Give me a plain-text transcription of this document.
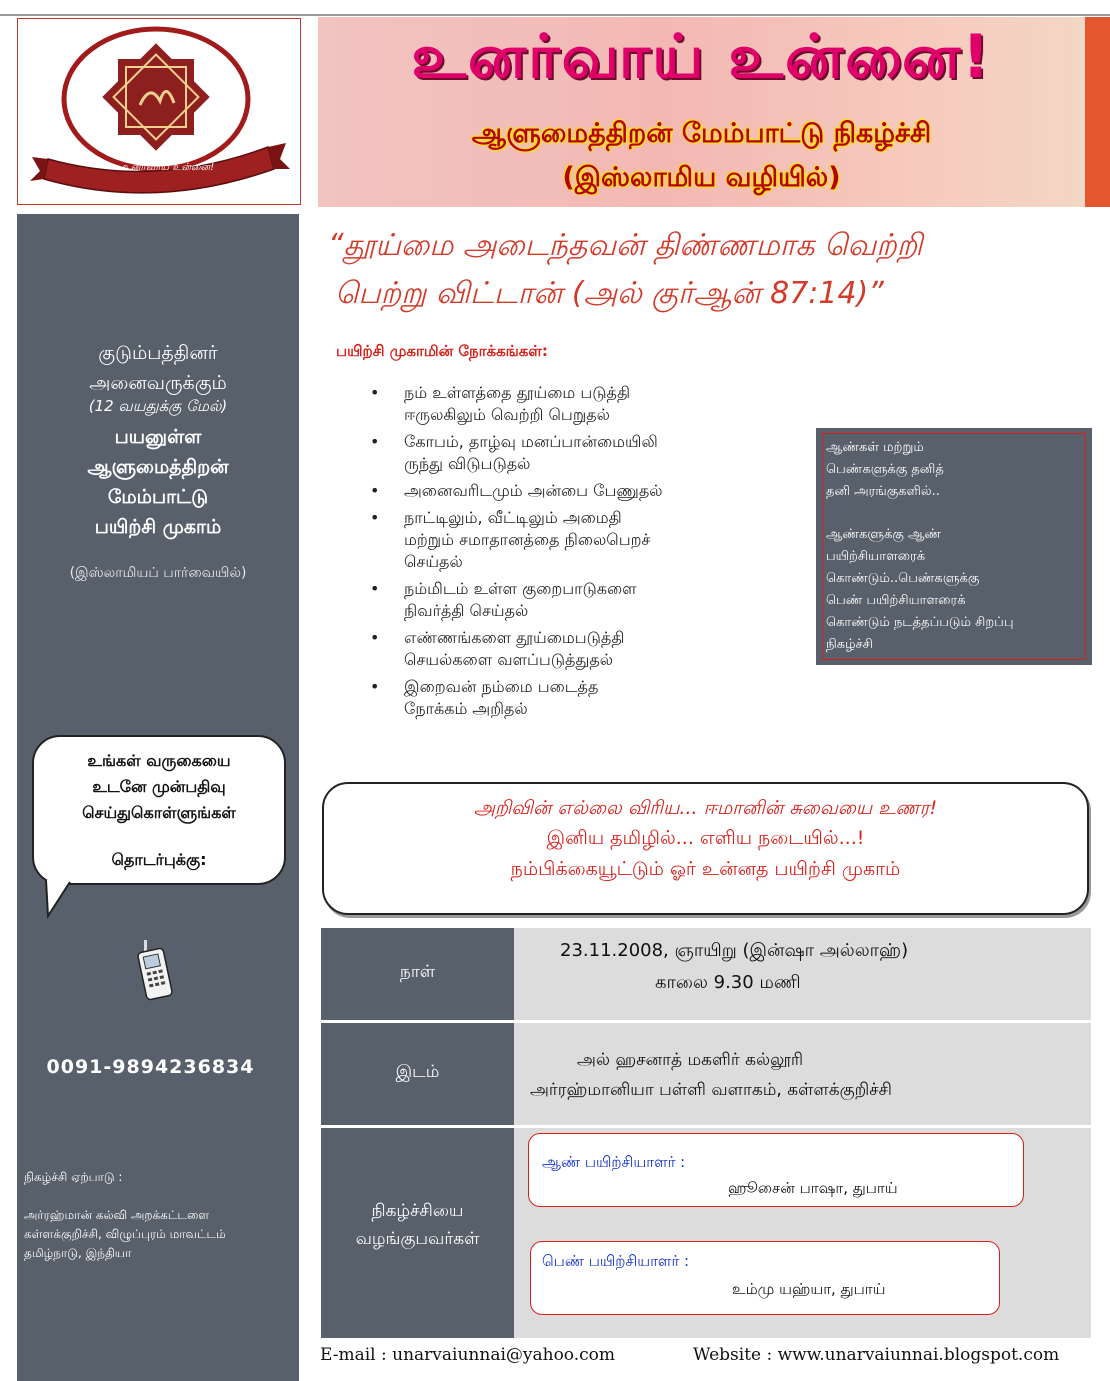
உனர்வாய் உன்னை!
உனர்வாய் உன்னை!
ஆளுமைத்திறன் மேம்பாட்டு நிகழ்ச்சி
(இஸ்லாமிய வழியில்)
குடும்பத்தினர்
அனைவருக்கும்
(12 வயதுக்கு மேல்)
பயனுள்ள
ஆளுமைத்திறன்
மேம்பாட்டு
பயிற்சி முகாம்
(இஸ்லாமியப் பார்வையில்)
உங்கள் வருகையை
உடனே முன்பதிவு
செய்துகொள்ளுங்கள்
தொடர்புக்கு:
0091-9894236834
நிகழ்ச்சி ஏற்பாடு :
அர்ரஹ்மான் கல்வி அறக்கட்டளை
கள்ளக்குறிச்சி, விழுப்புரம் மாவட்டம்
தமிழ்நாடு, இந்தியா
“தூய்மை அடைந்தவன் திண்ணமாக வெற்றி
பெற்று விட்டான் (அல் குர்ஆன் 87:14)”
பயிற்சி முகாமின் நோக்கங்கள்:
• நம் உள்ளத்தை தூய்மை படுத்தி
ஈருலகிலும் வெற்றி பெறுதல்
• கோபம், தாழ்வு மனப்பான்மையிலி
ருந்து விடுபடுதல்
• அனைவரிடமும் அன்பை பேணுதல்
• நாட்டிலும், வீட்டிலும் அமைதி
மற்றும் சமாதானத்தை நிலைபெறச்
செய்தல்
• நம்மிடம் உள்ள குறைபாடுகளை
நிவர்த்தி செய்தல்
• எண்ணங்களை தூய்மைபடுத்தி
செயல்களை வளப்படுத்துதல்
• இறைவன் நம்மை படைத்த
நோக்கம் அறிதல்
ஆண்கள் மற்றும்
பெண்களுக்கு தனித்
தனி அரங்குகளில்..
ஆண்களுக்கு ஆண்
பயிற்சியாளரைக்
கொண்டும்..பெண்களுக்கு
பெண் பயிற்சியாளரைக்
கொண்டும் நடத்தப்படும் சிறப்பு
நிகழ்ச்சி
அறிவின் எல்லை விரிய... ஈமானின் சுவையை உணர!
இனிய தமிழில்... எளிய நடையில்...!
நம்பிக்கையூட்டும் ஓர் உன்னத பயிற்சி முகாம்
நாள்
இடம்
நிகழ்ச்சியை
வழங்குபவர்கள்
23.11.2008, ஞாயிறு (இன்ஷா அல்லாஹ்)
காலை 9.30 மணி
அல் ஹசனாத் மகளிர் கல்லூரி
அர்ரஹ்மானியா பள்ளி வளாகம், கள்ளக்குறிச்சி
ஆண் பயிற்சியாளர் :
ஹூசைன் பாஷா, துபாய்
பெண் பயிற்சியாளர் :
உம்மு யஹ்யா, துபாய்
E-mail : unarvaiunnai@yahoo.com	Website : www.unarvaiunnai.blogspot.com
